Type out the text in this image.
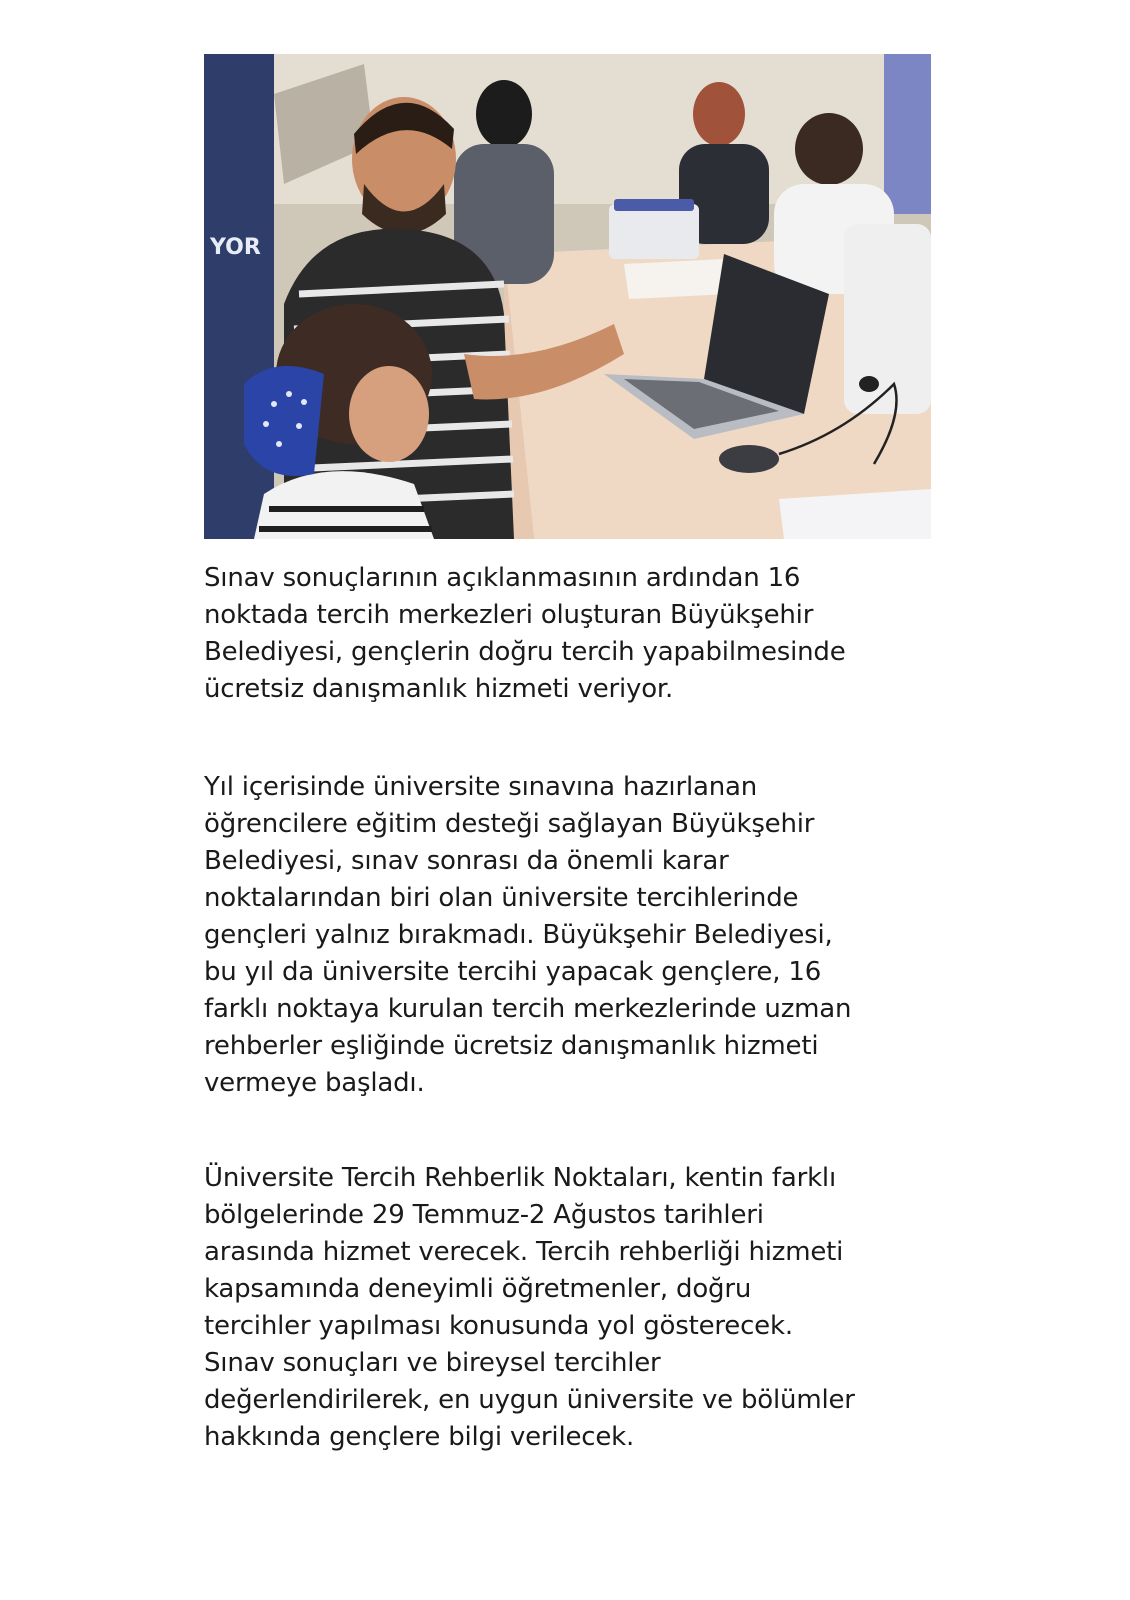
YOR

Sınav sonuçlarının açıklanmasının ardından 16

noktada tercih merkezleri oluşturan Büyükşehir

Belediyesi, gençlerin doğru tercih yapabilmesinde

ücretsiz danışmanlık hizmeti veriyor.

Yıl içerisinde üniversite sınavına hazırlanan

öğrencilere eğitim desteği sağlayan Büyükşehir

Belediyesi, sınav sonrası da önemli karar

noktalarından biri olan üniversite tercihlerinde

gençleri yalnız bırakmadı. Büyükşehir Belediyesi,

bu yıl da üniversite tercihi yapacak gençlere, 16

farklı noktaya kurulan tercih merkezlerinde uzman

rehberler eşliğinde ücretsiz danışmanlık hizmeti

vermeye başladı.

Üniversite Tercih Rehberlik Noktaları, kentin farklı

bölgelerinde 29 Temmuz-2 Ağustos tarihleri

arasında hizmet verecek. Tercih rehberliği hizmeti

kapsamında deneyimli öğretmenler, doğru

tercihler yapılması konusunda yol gösterecek.

Sınav sonuçları ve bireysel tercihler

değerlendirilerek, en uygun üniversite ve bölümler

hakkında gençlere bilgi verilecek.
